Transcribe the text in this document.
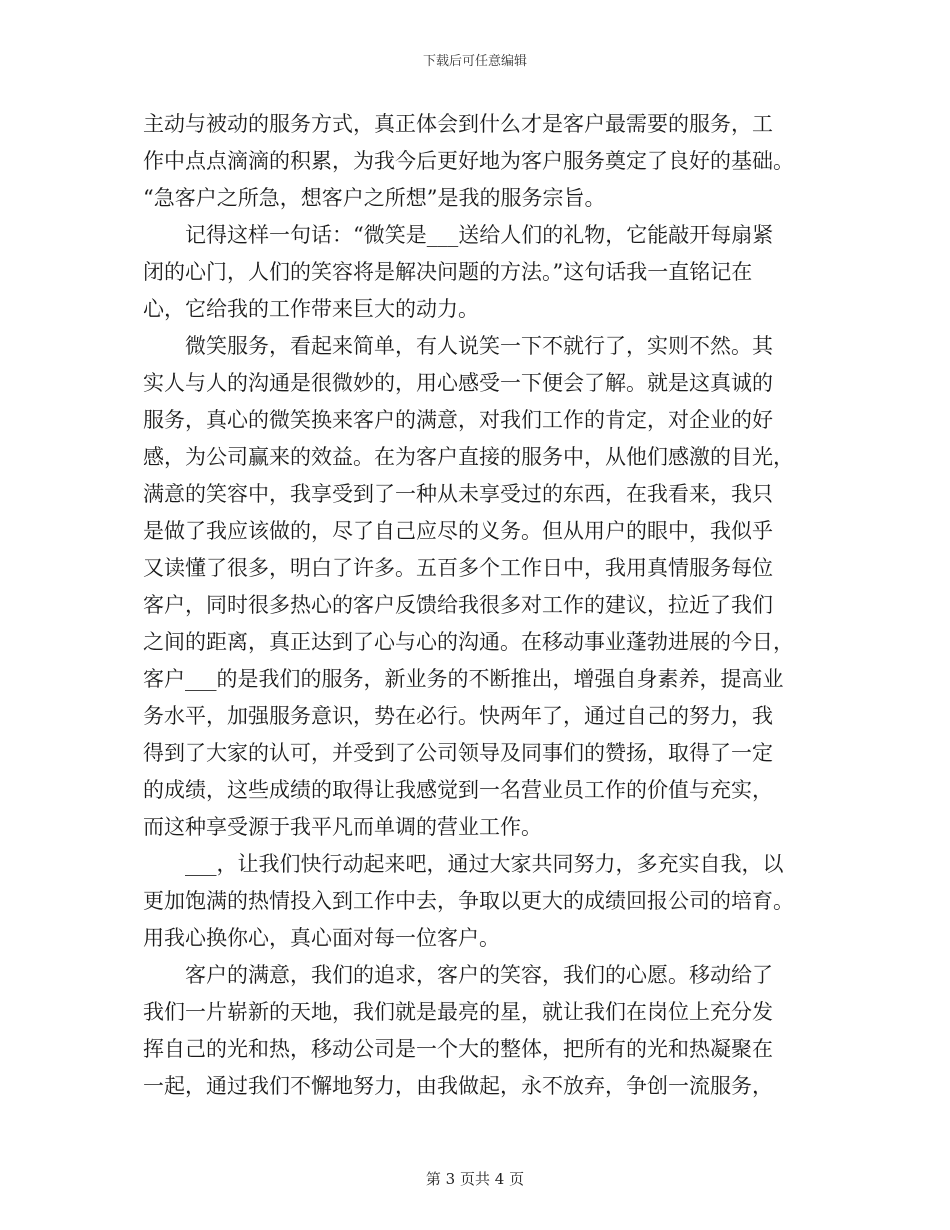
下载后可任意编辑
主动与被动的服务方式，真正体会到什么才是客户最需要的服务，工
作中点点滴滴的积累，为我今后更好地为客户服务奠定了良好的基础。
“急客户之所急，想客户之所想”是我的服务宗旨。
　　记得这样一句话：“微笑是___送给人们的礼物，它能敲开每扇紧
闭的心门，人们的笑容将是解决问题的方法。”这句话我一直铭记在
心，它给我的工作带来巨大的动力。
　　微笑服务，看起来简单，有人说笑一下不就行了，实则不然。其
实人与人的沟通是很微妙的，用心感受一下便会了解。就是这真诚的
服务，真心的微笑换来客户的满意，对我们工作的肯定，对企业的好
感，为公司赢来的效益。在为客户直接的服务中，从他们感激的目光，
满意的笑容中，我享受到了一种从未享受过的东西，在我看来，我只
是做了我应该做的，尽了自己应尽的义务。但从用户的眼中，我似乎
又读懂了很多，明白了许多。五百多个工作日中，我用真情服务每位
客户，同时很多热心的客户反馈给我很多对工作的建议，拉近了我们
之间的距离，真正达到了心与心的沟通。在移动事业蓬勃进展的今日，
客户___的是我们的服务，新业务的不断推出，增强自身素养，提高业
务水平，加强服务意识，势在必行。快两年了，通过自己的努力，我
得到了大家的认可，并受到了公司领导及同事们的赞扬，取得了一定
的成绩，这些成绩的取得让我感觉到一名营业员工作的价值与充实，
而这种享受源于我平凡而单调的营业工作。
　　___，让我们快行动起来吧，通过大家共同努力，多充实自我，以
更加饱满的热情投入到工作中去，争取以更大的成绩回报公司的培育。
用我心换你心，真心面对每一位客户。
　　客户的满意，我们的追求，客户的笑容，我们的心愿。移动给了
我们一片崭新的天地，我们就是最亮的星，就让我们在岗位上充分发
挥自己的光和热，移动公司是一个大的整体，把所有的光和热凝聚在
一起，通过我们不懈地努力，由我做起，永不放弃，争创一流服务，
第 3 页共 4 页
